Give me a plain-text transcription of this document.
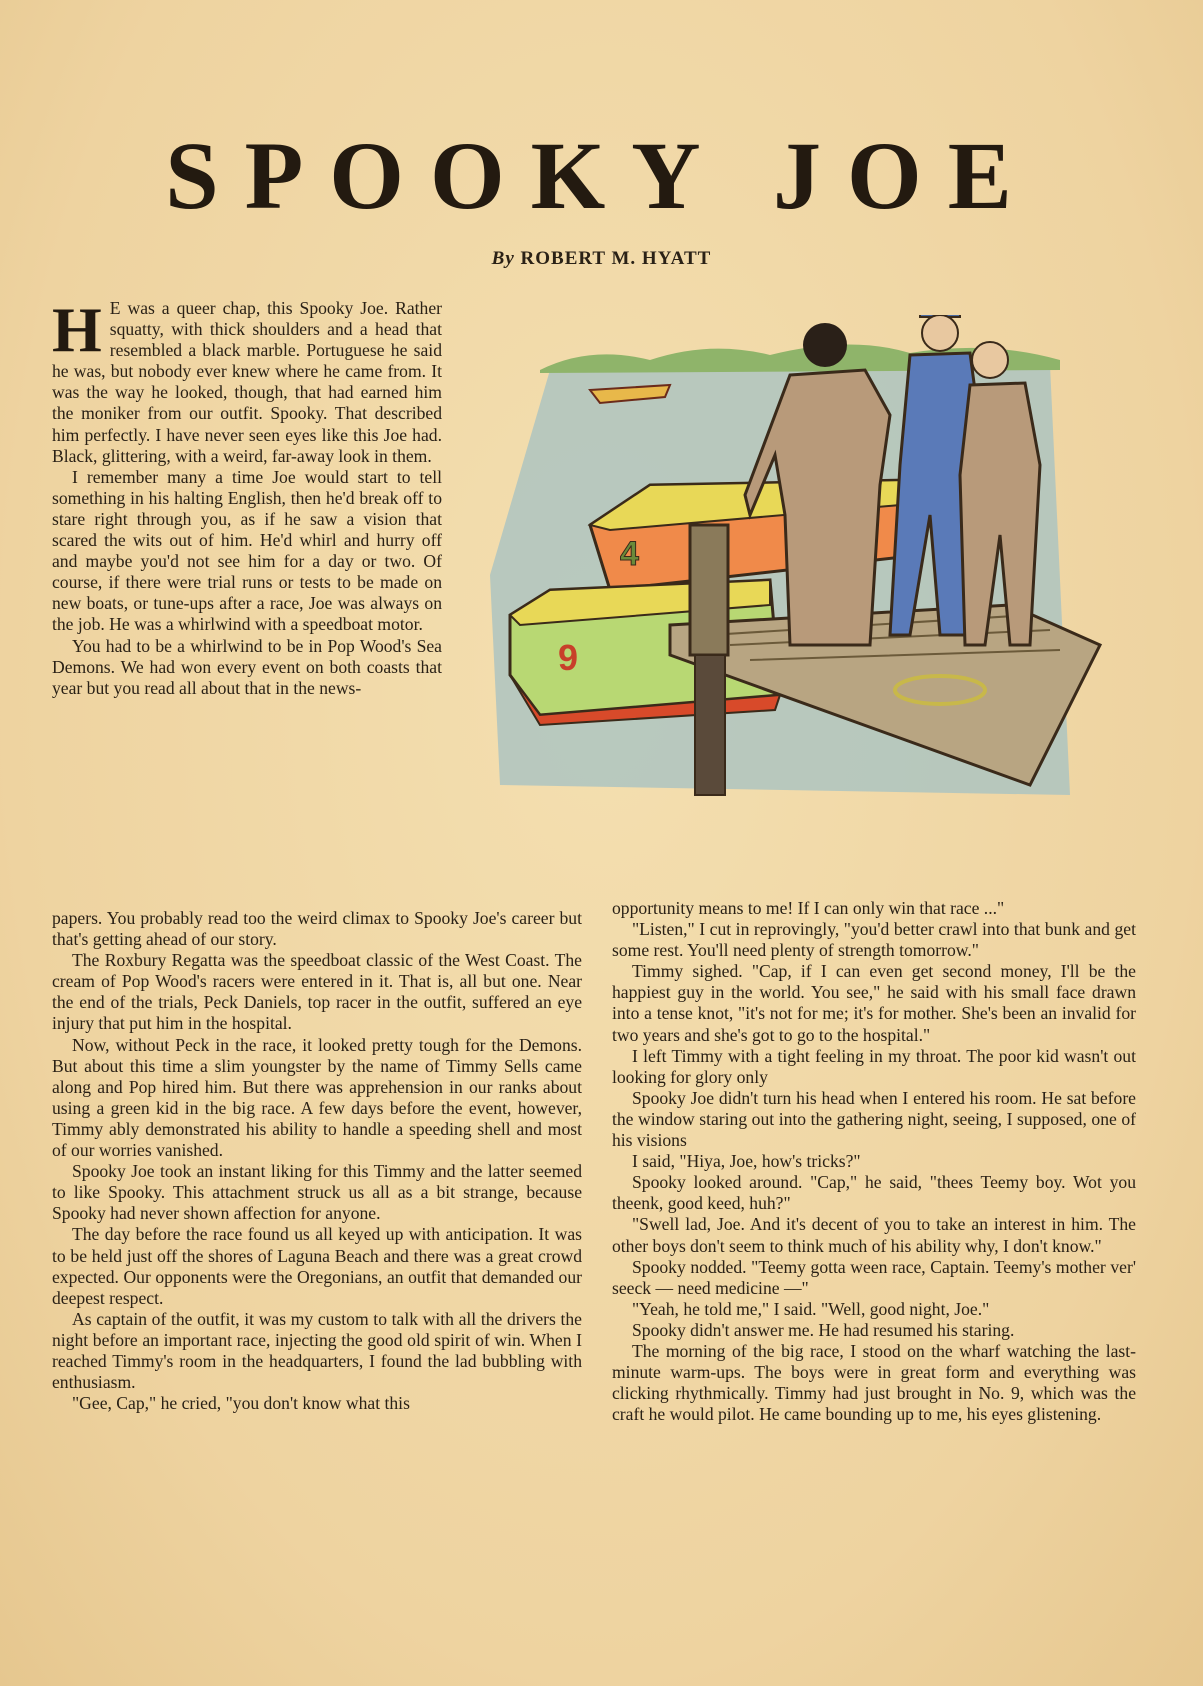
SPOOKY JOE
By ROBERT M. HYATT
4
9

H E was a queer chap, this Spooky Joe. Rather squatty, with thick shoulders and a head that resembled a black marble. Portuguese he said he was, but nobody ever knew where he came from. It was the way he looked, though, that had earned him the moniker from our outfit. Spooky. That described him perfectly. I have never seen eyes like this Joe had. Black, glittering, with a weird, far-away look in them.

I remember many a time Joe would start to tell something in his halting English, then he'd break off to stare right through you, as if he saw a vision that scared the wits out of him. He'd whirl and hurry off and maybe you'd not see him for a day or two. Of course, if there were trial runs or tests to be made on new boats, or tune-ups after a race, Joe was always on the job. He was a whirlwind with a speedboat motor.

You had to be a whirlwind to be in Pop Wood's Sea Demons. We had won every event on both coasts that year but you read all about that in the news-

papers. You probably read too the weird climax to Spooky Joe's career but that's getting ahead of our story.

The Roxbury Regatta was the speedboat classic of the West Coast. The cream of Pop Wood's racers were entered in it. That is, all but one. Near the end of the trials, Peck Daniels, top racer in the outfit, suffered an eye injury that put him in the hospital.

Now, without Peck in the race, it looked pretty tough for the Demons. But about this time a slim youngster by the name of Timmy Sells came along and Pop hired him. But there was apprehension in our ranks about using a green kid in the big race. A few days before the event, however, Timmy ably demonstrated his ability to handle a speeding shell and most of our worries vanished.

Spooky Joe took an instant liking for this Timmy and the latter seemed to like Spooky. This attachment struck us all as a bit strange, because Spooky had never shown affection for anyone.

The day before the race found us all keyed up with anticipation. It was to be held just off the shores of Laguna Beach and there was a great crowd expected. Our opponents were the Oregonians, an outfit that demanded our deepest respect.

As captain of the outfit, it was my custom to talk with all the drivers the night before an important race, injecting the good old spirit of win. When I reached Timmy's room in the headquarters, I found the lad bubbling with enthusiasm.

"Gee, Cap," he cried, "you don't know what this

opportunity means to me! If I can only win that race ..."

"Listen," I cut in reprovingly, "you'd better crawl into that bunk and get some rest. You'll need plenty of strength tomorrow."

Timmy sighed. "Cap, if I can even get second money, I'll be the happiest guy in the world. You see," he said with his small face drawn into a tense knot, "it's not for me; it's for mother. She's been an invalid for two years and she's got to go to the hospital."

I left Timmy with a tight feeling in my throat. The poor kid wasn't out looking for glory only

Spooky Joe didn't turn his head when I entered his room. He sat before the window staring out into the gathering night, seeing, I supposed, one of his visions

I said, "Hiya, Joe, how's tricks?"

Spooky looked around. "Cap," he said, "thees Teemy boy. Wot you theenk, good keed, huh?"

"Swell lad, Joe. And it's decent of you to take an interest in him. The other boys don't seem to think much of his ability why, I don't know."

Spooky nodded. "Teemy gotta ween race, Captain. Teemy's mother ver' seeck — need medicine —"

"Yeah, he told me," I said. "Well, good night, Joe."

Spooky didn't answer me. He had resumed his staring.

The morning of the big race, I stood on the wharf watching the last-minute warm-ups. The boys were in great form and everything was clicking rhythmically. Timmy had just brought in No. 9, which was the craft he would pilot. He came bounding up to me, his eyes glistening.
